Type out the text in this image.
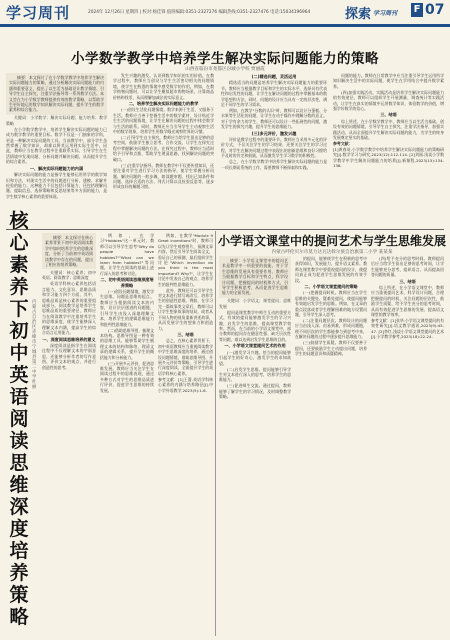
学习周刊	2024年 12月26日 星期四 | 校对:杨佳锋 值班编辑:0351-2327276 编辑热线:0351-2327476 电话:15034196964	探索 学习周刊 F 07
小学数学教学中培养学生解决实际问题能力的策略
山西省临汾市尧都区汾城小学校 贾丽霞

摘要：本文探讨了在小学数学教学中培养学生解决实际问题能力的策略，通过分析解决实际问题能力的内涵和重要意义，提出了以生活为基础设计教学情境、引导学生自主探究、注重学法指导等一系列教学方法。本文旨在为小学数学教师提供有效的教学策略，以帮助学生更好地运用数学知识解决实际问题，提升学生的数学素养和综合能力。

关键词：小学数学；解决实际问题；能力培养；教学策略

在小学数学教学中，培养学生解决实际问题的能力已成为数学教学的重要目标。数学不仅是一门抽象的学科，更是一种解决实际问题的工具。当前教学中，部分学生虽然掌握了数学知识，却难以将其运用到实际生活中。因此，教师应当在教学过程中注重联系实际，引导学生在生活情境中发现问题、分析问题并解决问题，从而提升学生的综合素养。

一、解决实际问题能力的内涵

解决实际问题的能力是指学生能够运用所学的数学知识和方法，对现实生活中的问题进行分析、建模、求解并检验的能力。这种能力不仅包括计算能力，还包括理解问题、提取信息、选择策略和反思结果等多方面的能力，是学生数学核心素养的重要体现。

发生兴趣的激发。认识到数学知识的实用价值。在教学过程中，教师应当创设与学生生活密切相关的问题情境，使学生在熟悉的情境中感受数学的作用。例如，在教学购物问题时，可以让学生模拟超市购物场景，计算商品价格和找零，从而理解加减法的实际意义。

二、培养学生解决实际问题能力的教学

(一)创设生活化问题情境。数学来源于生活，又服务于生活。教师应当善于挖掘生活中的数学素材，设计贴近学生生活的问题情境，让学生在解决问题的过程中体会数学与生活的联系。同时，教师还应当引导学生主动观察生活中的数学现象，培养学生用数学眼光观察世界的习惯。

(二)引导学生自主探究。教师应当给学生留出足够的思考空间，鼓励学生独立思考、合作交流，让学生在探究过程中掌握解决问题的方法。在探究过程中，教师应当适时给予引导和点拨，帮助学生理清思路，找到解决问题的突破口。

(三)注重学法指导。教师在教学中不仅要传授知识，还要注重对学生进行学习方法的指导，使学生掌握分析问题、解决问题的一般步骤，如读题审题、找出已知条件和问题、选择合适的方法、列式计算以及检验反思等，逐步形成良好的解题习惯。

(二)精选问题，灵活运用

精选适当的问题是培养学生解决实际问题能力的重要环节。教师应当根据教学目标和学生的实际水平，选择具有代表性和启发性的问题，让学生在解决问题的过程中掌握基本的数学思想和方法。同时，问题的设计应当具有一定的层次性，满足不同学生的学习需求。

例如，在教学"分数的认识"时，教师可以设计分蛋糕、分水果等生活化的问题，让学生在动手操作中理解分数的意义。对于学有余力的学生，教师还可以设计一些拓展性的问题，激发学生的探究兴趣，提升学生的思维能力。

(三)多元评价，激发兴趣

评价是教学过程中的重要环节。教师应当采用多元化的评价方式，不仅关注学生的学习结果，还要关注学生的学习过程，对学生在解决问题过程中表现出的创新思维和良好习惯给予及时的肯定和鼓励，从而激发学生学习数学的积极性。

总之，在小学数学教学中培养学生解决实际问题的能力是一项长期而系统的工作，需要教师不断探索和实践。

问题的能力。教师在日常教学中应当注重引导学生运用所学知识解决生活中的实际问题，使学生在学用结合中提升数学素养。

(四)加强实践活动。实践活动是培养学生解决实际问题能力的有效途径。教师可以组织学生开展测量、调查统计等实践活动，让学生在真实的情境中运用数学知识，体验数学的价值，增强学好数学的信心。

三、结语

综上所述，在小学数学教学中，教师应当以生活为基础，创设有效的问题情境，引导学生自主探究，注重学法指导，加强实践活动，从而全面提升学生解决实际问题的能力，为学生的终身发展奠定坚实的基础。

参考文献：

[1]黄春英.小学数学教学中培养学生解决实际问题能力的策略研究[J].数学学习与研究,2023(12):112-114. [2]刘丽.浅谈小学数学教学中学生解决问题能力的培养[J].新课程,2023(15):134-136.

核心素养下初中英语阅读思维深度培养策略
内蒙古自治区赤峰市宁城县第二中学 杜丽

摘要：本文探讨在核心素养背景下初中英语阅读教学中如何培养学生的思维深度，分析了当前初中英语阅读教学中存在的问题，提出了相应的培养策略。

关键词：核心素养；初中英语；阅读教学；思维深度

英语学科核心素养包括语言能力、文化意识、思维品质和学习能力四个方面。其中，思维品质是核心素养的重要组成部分。阅读教学是培养学生思维品质的重要途径，教师应当在阅读教学中注重培养学生的思维深度，使学生能够深入理解文本内涵，提高学生的综合语言运用能力。

一、深度阅读思维培养的意义

深度阅读是指学生在阅读过程中不仅理解文本的字面意思，还能够分析作者的写作意图、评价文本的观点，并进行创造性的思考。

例如，在学习"Hobbies"这一单元时，教师可以引导学生思考"Why do people have hobbies?""What can we learn from hobbies?"等问题，让学生在阅读的基础上进行深入的思考和讨论。

二、初中英语阅读思维深度培养策略

(一)创设问题情境，激发学生思维。问题是思维的起点。教师应当根据阅读文本的内容，设计层层递进的问题链，引导学生由浅入深地理解文本，培养学生的逻辑思维能力和批判性思维能力。

(二)借助思维导图，梳理文本结构。思维导图是一种有效的思维工具，能够帮助学生梳理文本的结构和脉络，理清文章的逻辑关系，提升学生的概括能力和分析能力。

(三)开展多元评价，促进思维发展。教师应当关注学生在阅读过程中的思维表现，通过多种方式对学生的思维品质进行评价，促进学生思维的持续发展。

例如，在教学"Module 9 Great inventions"时，教师可以先让学生观察图片，预测文章内容，然后引导学生阅读全文，验证自己的预测，最后组织学生讨论"Which invention do you think is the most important? Why?"，让学生在讨论中发表自己的观点，培养学生的批判性思维能力。

此外，教师还可以引导学生对文本进行续写或改写，培养学生的创造性思维。例如，在学习完一篇故事类文章后，教师可以让学生想象故事的结局，或者从不同人物的视角重新讲述故事，从而发展学生的想象力和创造力。

三、结语

总之，在核心素养背景下，初中英语教师应当重视阅读教学中学生思维深度的培养，通过创设问题情境、借助思维导图、开展多元评价等策略，引导学生进行深度阅读，全面提升学生的英语学科核心素养。

参考文献：[1]王蔷.英语学科核心素养的内涵与培养路径[J].中小学外语教学,2023(5):1-6.

小学语文课堂中的提问艺术与学生思维发展
内蒙古呼伦贝尔市莫力达瓦达斡尔族自治旗第二小学 某某某

摘要：小学语文课堂中的提问艺术是教学中一项重要的技能，对于学生思维的发展具有重要作用。教师应当根据教学目标和学生特点，科学设计问题，把握提问的时机和方式，引导学生积极思考，从而促进学生思维能力的全面发展。

关键词：小学语文；课堂提问；思维发展

提问是课堂教学中师生互动的重要方式，有效的提问能够激发学生的学习兴趣，启发学生的思维，提高课堂教学效率。然而，在当前的小学语文课堂中，部分教师的提问存在随意性强、缺乏层次性等问题，难以达到启发学生思维的目的。

一、小学语文课堂提问艺术的作用

(一)激发学习兴趣。恰当的提问能够引起学生的好奇心，激发学生的求知欲望。

(二)启发学生思维。提问能够引导学生对文本进行深入的思考，培养学生的思维能力。

(三)促进师生交流。通过提问，教师能够了解学生的学习情况，及时调整教学策略。

的提问，能够使学生在积极的思考中获得知识，发展能力，提升语文素养。教师在课堂教学中要重视提问的设计，使提问真正成为促进学生思维发展的有效手段。

二、小学语文课堂提问的策略

(一)把握提问时机。教师应当在学生思维的关键处、疑难处提问，使提问能够有效地启发学生的思维。例如，在文章的重点段落或者学生理解困难的地方设置问题，引导学生深入思考。

(二)注重问题层次。教师设计的问题应当由浅入深、由易到难，形成问题链，使不同层次的学生都能参与到思考中来，在解决问题的过程中逐步提升思维能力。

(三)鼓励学生质疑。教师不仅要善于提问，还要鼓励学生主动提出问题，培养学生的问题意识和质疑精神。

(四)给予充分的思考时间。教师提问后应当给学生留出足够的思考时间，让学生能够充分思考，组织语言，从而提高回答问题的质量。

三、结语

综上所述，在小学语文课堂中，教师应当重视提问艺术，科学设计问题，合理把握提问的时机，关注问题的层次性，鼓励学生质疑，给予学生充分的思考时间，从而有效促进学生思维的发展，提高语文课堂的教学效率。

参考文献：[1]张华.小学语文课堂提问的有效性研究[J].语文教学通讯,2023(9):45-47. [2]李红.浅谈小学语文课堂提问的艺术[J].小学教学参考,2023(18):22-24.
